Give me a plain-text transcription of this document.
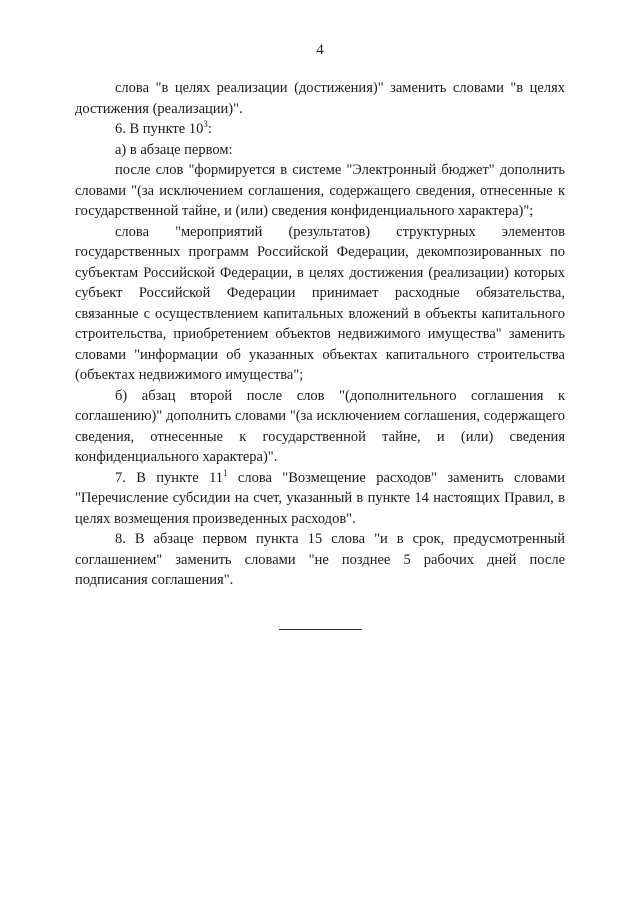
4

слова "в целях реализации (достижения)" заменить словами "в целях достижения (реализации)".

6. В пункте $10^3$:

а) в абзаце первом:

после слов "формируется в системе "Электронный бюджет" дополнить словами "(за исключением соглашения, содержащего сведения, отнесенные к государственной тайне, и (или) сведения конфиденциального характера)";

слова "мероприятий (результатов) структурных элементов государственных программ Российской Федерации, декомпозированных по субъектам Российской Федерации, в целях достижения (реализации) которых субъект Российской Федерации принимает расходные обязательства, связанные с осуществлением капитальных вложений в объекты капитального строительства, приобретением объектов недвижимого имущества" заменить словами "информации об указанных объектах капитального строительства (объектах недвижимого имущества";

б) абзац второй после слов "(дополнительного соглашения к соглашению)" дополнить словами "(за исключением соглашения, содержащего сведения, отнесенные к государственной тайне, и (или) сведения конфиденциального характера)".

7. В пункте $11^1$ слова "Возмещение расходов" заменить словами "Перечисление субсидии на счет, указанный в пункте 14 настоящих Правил, в целях возмещения произведенных расходов".

8. В абзаце первом пункта 15 слова "и в срок, предусмотренный соглашением" заменить словами "не позднее 5 рабочих дней после подписания соглашения".
